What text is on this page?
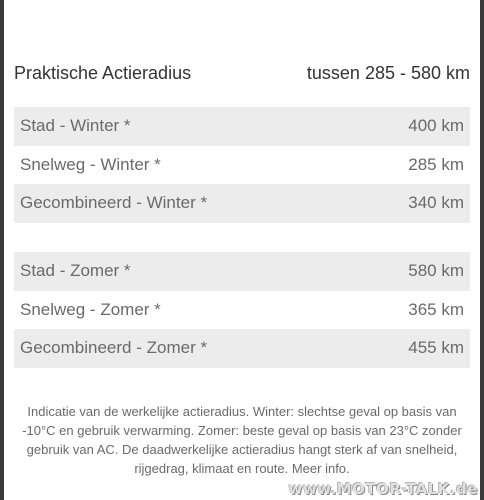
Praktische Actieradius	tussen 285 - 580 km
Stad - Winter *	400 km
Snelweg - Winter *	285 km
Gecombineerd - Winter *	340 km
Stad - Zomer *	580 km
Snelweg - Zomer *	365 km
Gecombineerd - Zomer *	455 km
Indicatie van de werkelijke actieradius. Winter: slechtse geval op basis van -10°C en gebruik verwarming. Zomer: beste geval op basis van 23°C zonder gebruik van AC. De daadwerkelijke actieradius hangt sterk af van snelheid, rijgedrag, klimaat en route. Meer info.
www.MOTOR-TALK.de
